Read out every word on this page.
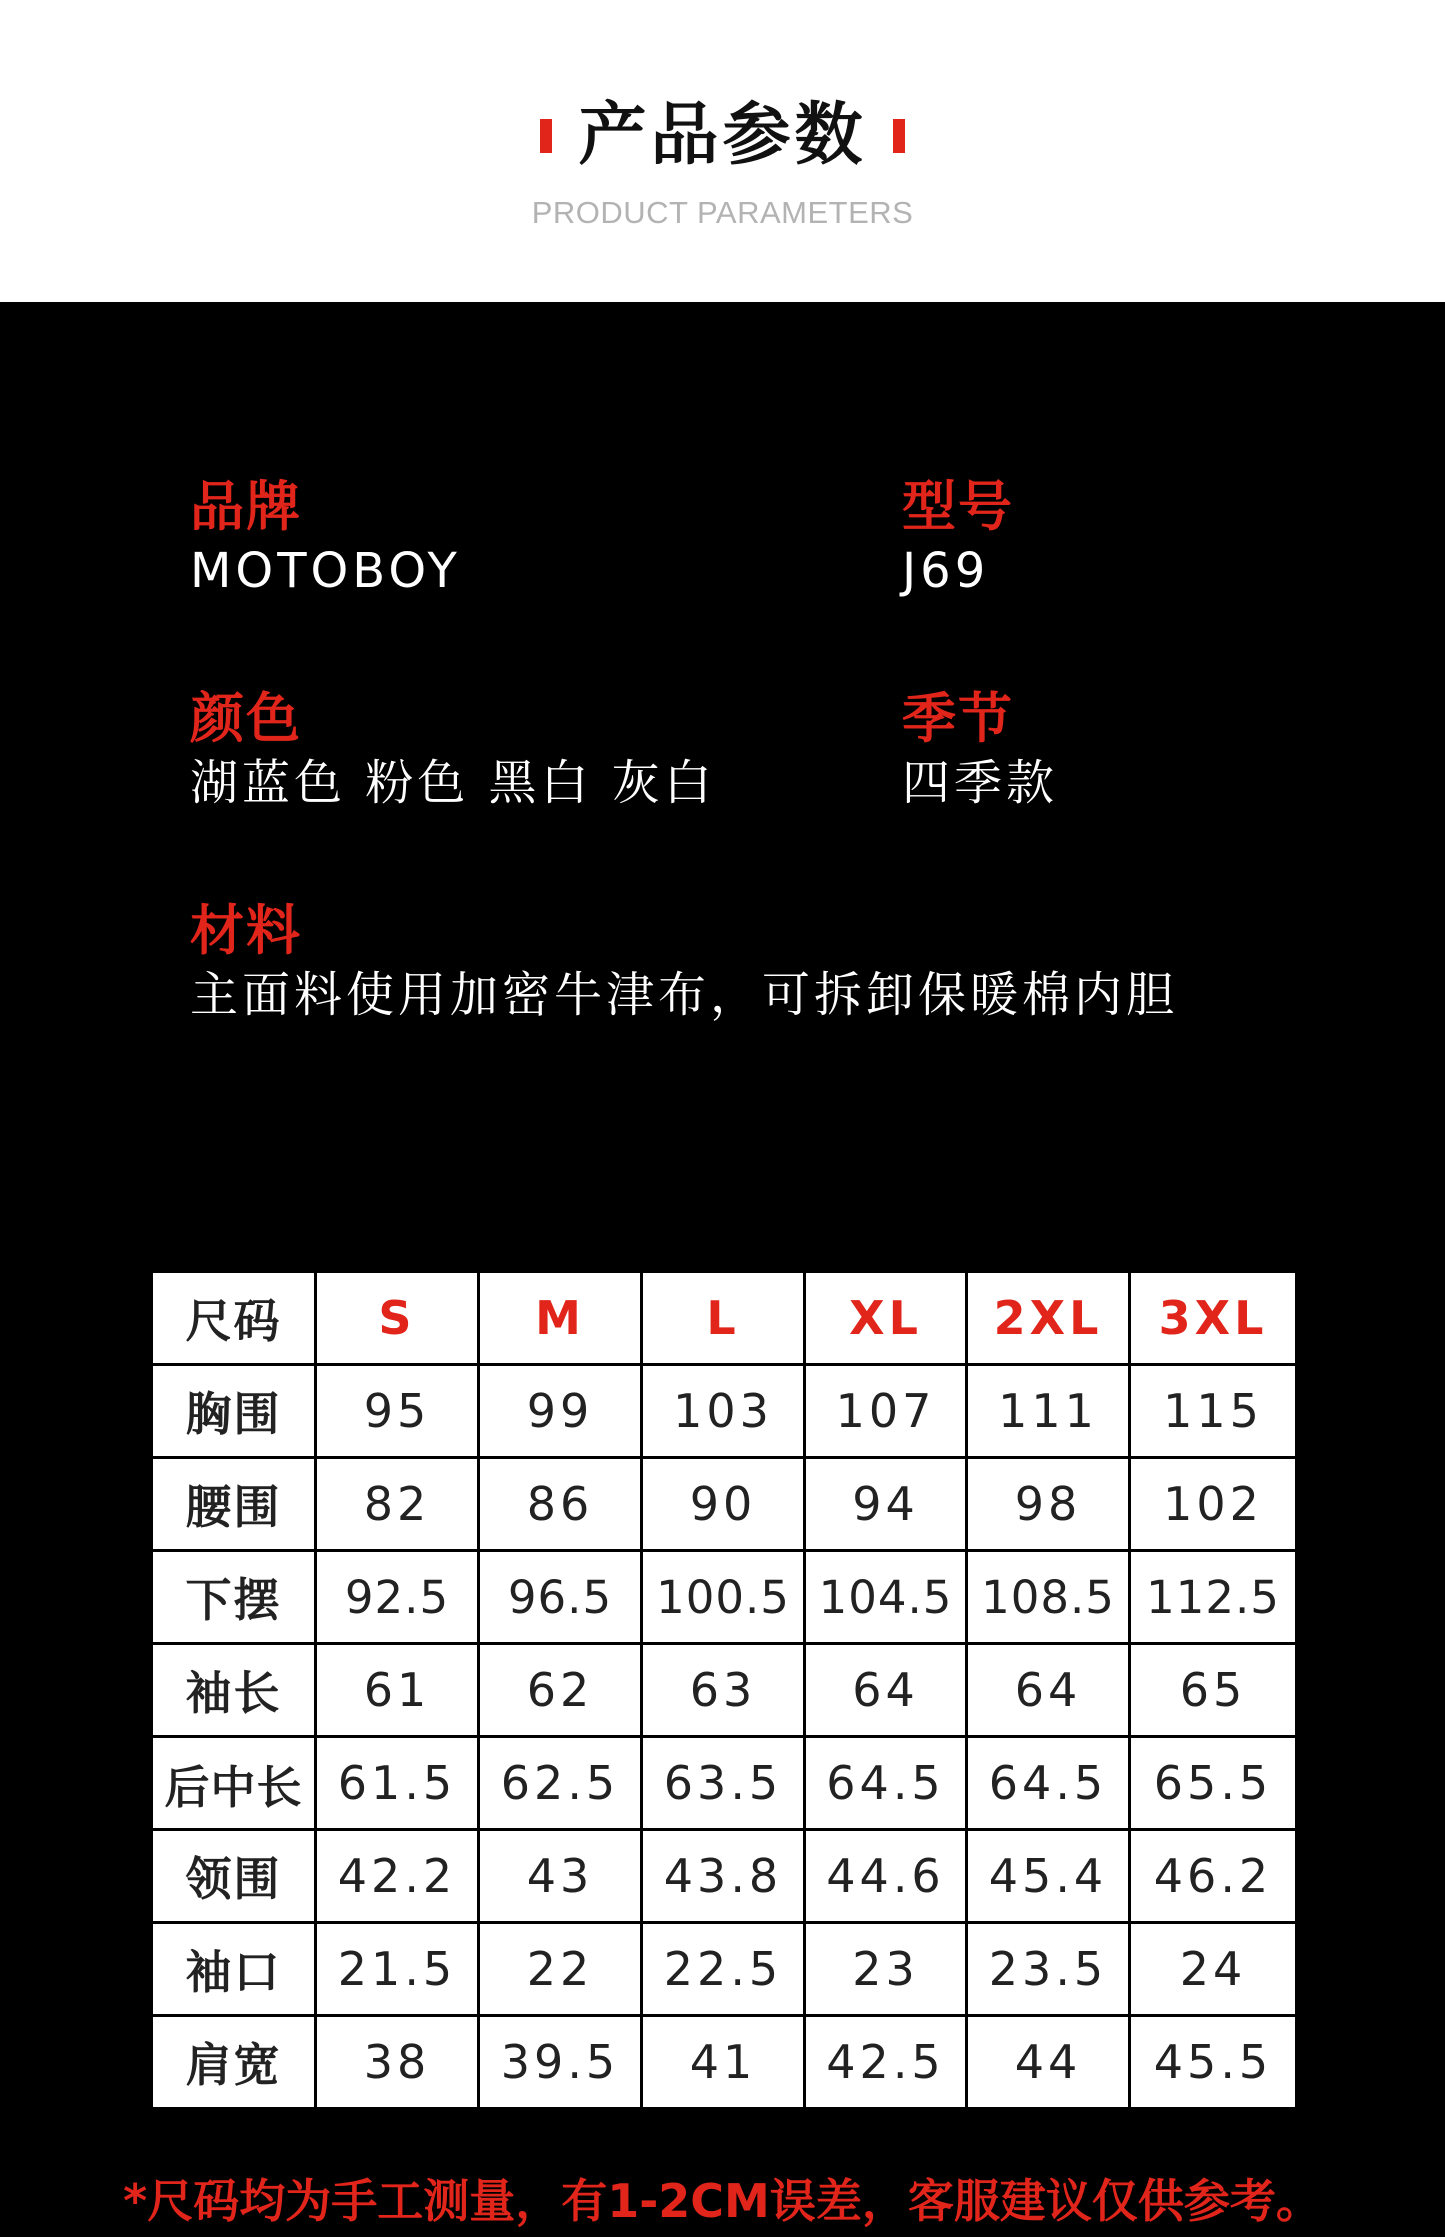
产品参数
PRODUCT PARAMETERS
品牌
MOTOBOY
型号
J69
颜色
湖蓝色 粉色 黑白 灰白
季节
四季款
材料
主面料使用加密牛津布，可拆卸保暖棉内胆
尺码	S	M	L	XL	2XL	3XL
胸围	95	99	103	107	111	115
腰围	82	86	90	94	98	102
下摆	92.5	96.5	100.5	104.5	108.5	112.5
袖长	61	62	63	64	64	65
后中长	61.5	62.5	63.5	64.5	64.5	65.5
领围	42.2	43	43.8	44.6	45.4	46.2
袖口	21.5	22	22.5	23	23.5	24
肩宽	38	39.5	41	42.5	44	45.5
*尺码均为手工测量，有1-2CM误差，客服建议仅供参考。
